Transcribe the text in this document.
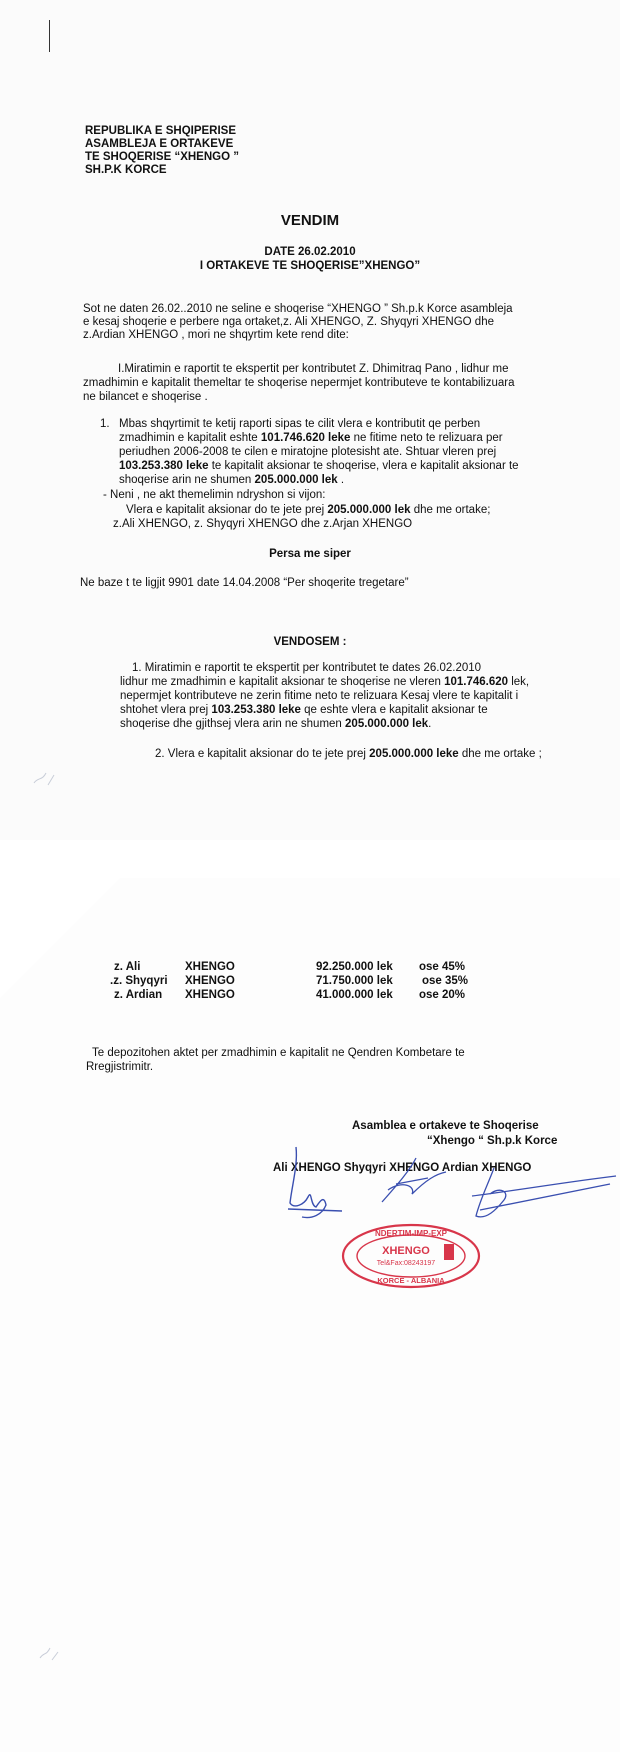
REPUBLIKA E SHQIPERISE
ASAMBLEJA E ORTAKEVE
TE SHOQERISE “XHENGO ”
SH.P.K KORCE
VENDIM
DATE 26.02.2010
I ORTAKEVE TE SHOQERISE”XHENGO”
Sot ne daten 26.02..2010 ne seline e shoqerise “XHENGO ” Sh.p.k Korce asambleja
e kesaj shoqerie e perbere nga ortaket,z. Ali XHENGO, Z. Shyqyri XHENGO dhe
z.Ardian XHENGO , mori ne shqyrtim kete rend dite:
I.Miratimin e raportit te ekspertit per kontributet Z. Dhimitraq Pano , lidhur me
zmadhimin e kapitalit themeltar te shoqerise nepermjet kontributeve te kontabilizuara
ne bilancet e shoqerise .
1. Mbas shqyrtimit te ketij raporti sipas te cilit vlera e kontributit qe perben
zmadhimin e kapitalit eshte 101.746.620 leke ne fitime neto te relizuara per
periudhen 2006-2008 te cilen e miratojne plotesisht ate. Shtuar vleren prej
103.253.380 leke te kapitalit aksionar te shoqerise, vlera e kapitalit aksionar te
shoqerise arin ne shumen 205.000.000 lek .
- Neni , ne akt themelimin ndryshon si vijon:
Vlera e kapitalit aksionar do te jete prej 205.000.000 lek dhe me ortake;
z.Ali XHENGO, z. Shyqyri XHENGO dhe z.Arjan XHENGO
Persa me siper
Ne baze t te ligjit 9901 date 14.04.2008 “Per shoqerite tregetare”
VENDOSEM :
1. Miratimin e raportit te ekspertit per kontributet te dates 26.02.2010
lidhur me zmadhimin e kapitalit aksionar te shoqerise ne vleren 101.746.620 lek,
nepermjet kontributeve ne zerin fitime neto te relizuara Kesaj vlere te kapitalit i
shtohet vlera prej 103.253.380 leke qe eshte vlera e kapitalit aksionar te
shoqerise dhe gjithsej vlera arin ne shumen 205.000.000 lek.
2. Vlera e kapitalit aksionar do te jete prej 205.000.000 leke dhe me ortake ;
z. Ali	XHENGO	92.250.000 lek ose 45%
.z. Shyqyri XHENGO	71.750.000 lek	ose 35%
z. Ardian XHENGO	41.000.000 lek ose 20%
Te depozitohen aktet per zmadhimin e kapitalit ne Qendren Kombetare te
Rregjistrimitr.
Asamblea e ortakeve te Shoqerise
“Xhengo “ Sh.p.k Korce
Ali XHENGO Shyqyri XHENGO Ardian XHENGO
NDERTIM-IMP-EXP
XHENGO
Tel&Fax:08243197
KORCE - ALBANIA
